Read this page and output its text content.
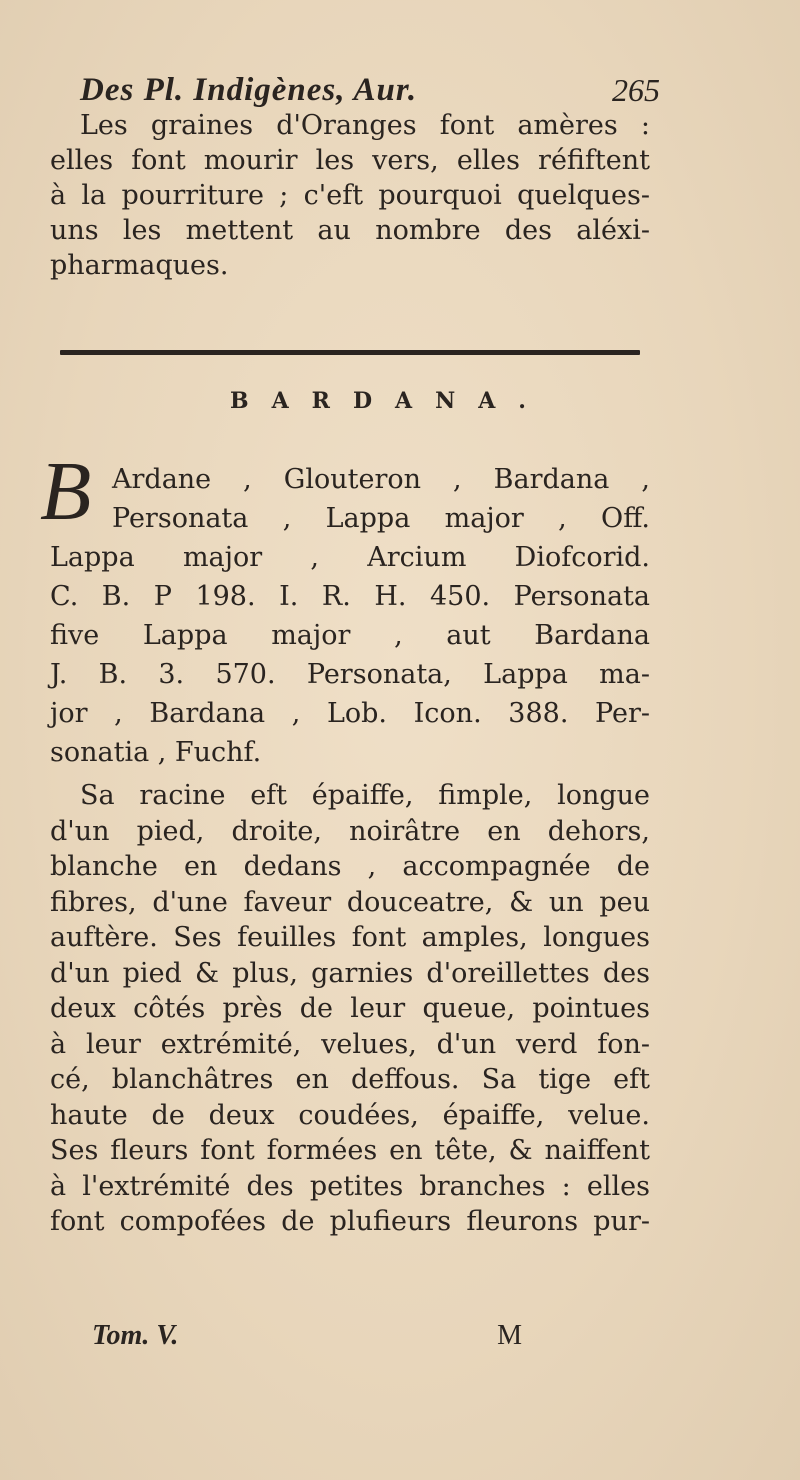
Des Pl. Indigènes, Aur.	265
Les graines d'Oranges font amères :
elles font mourir les vers, elles réfiftent
à la pourriture ; c'eft pourquoi quelques-
uns les mettent au nombre des aléxi-
pharmaques.
BARDANA.
B Ardane , Glouteron , Bardana ,
Personata , Lappa major , Off.
Lappa major , Arcium Diofcorid.
C. B. P 198. I. R. H. 450. Personata
five Lappa major , aut Bardana
J. B. 3. 570. Personata, Lappa ma-
jor , Bardana , Lob. Icon. 388. Per-
sonatia , Fuchf.
Sa racine eft épaiffe, fimple, longue
d'un pied, droite, noirâtre en dehors,
blanche en dedans , accompagnée de
fibres, d'une faveur douceatre, & un peu
auftère. Ses feuilles font amples, longues
d'un pied & plus, garnies d'oreillettes des
deux côtés près de leur queue, pointues
à leur extrémité, velues, d'un verd fon-
cé, blanchâtres en deffous. Sa tige eft
haute de deux coudées, épaiffe, velue.
Ses fleurs font formées en tête, & naiffent
à l'extrémité des petites branches : elles
font compofées de plufieurs fleurons pur-
Tom. V.	M
